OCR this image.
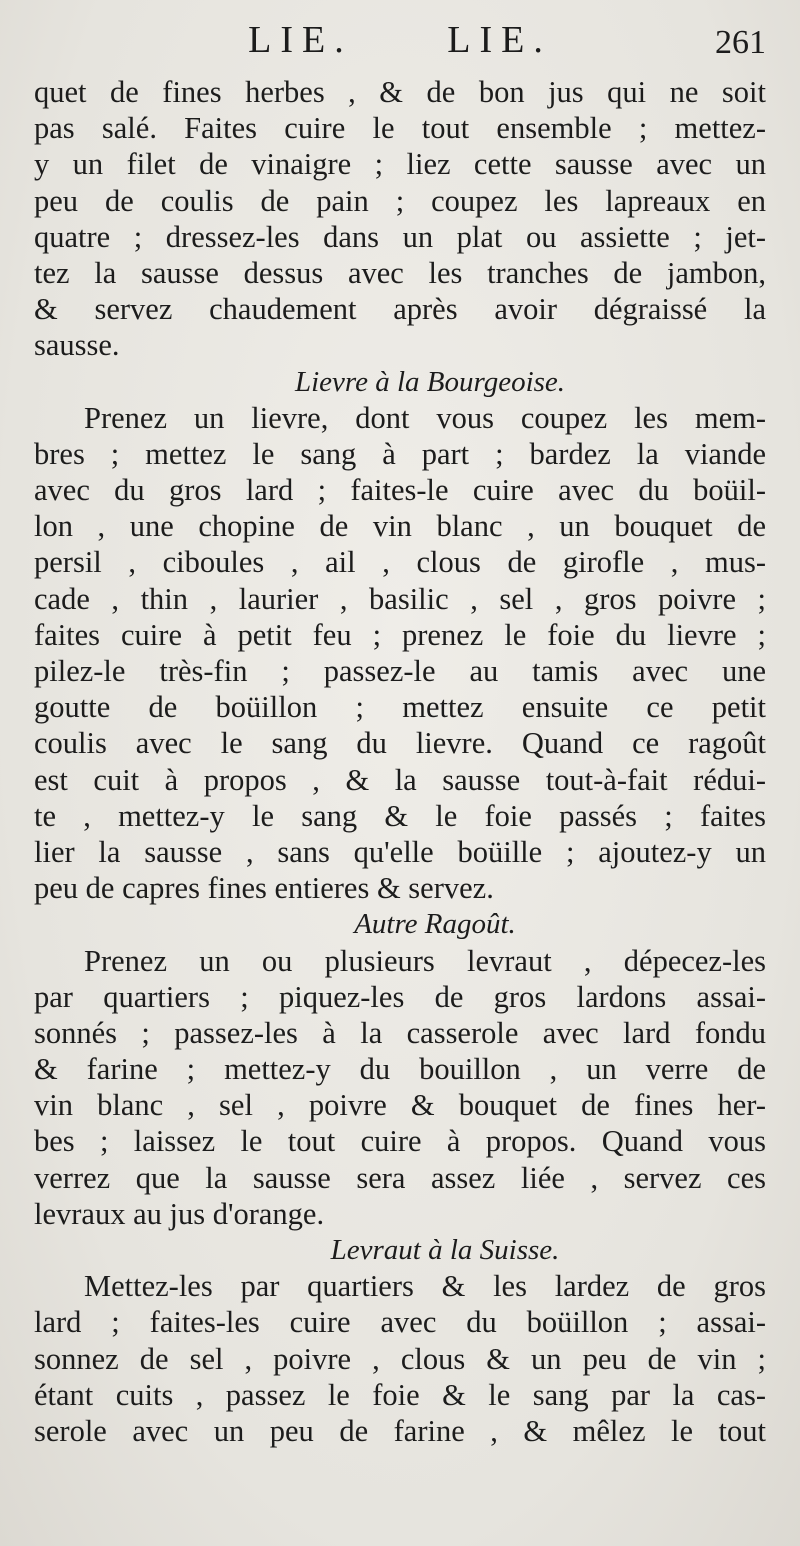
LIE. LIE.	261
quet de fines herbes , & de bon jus qui ne soit
pas salé. Faites cuire le tout ensemble ; mettez-
y un filet de vinaigre ; liez cette sausse avec un
peu de coulis de pain ; coupez les lapreaux en
quatre ; dressez-les dans un plat ou assiette ; jet-
tez la sausse dessus avec les tranches de jambon,
& servez chaudement après avoir dégraissé la
sausse.
Lievre à la Bourgeoise.
Prenez un lievre, dont vous coupez les mem-
bres ; mettez le sang à part ; bardez la viande
avec du gros lard ; faites-le cuire avec du boüil-
lon , une chopine de vin blanc , un bouquet de
persil , ciboules , ail , clous de girofle , mus-
cade , thin , laurier , basilic , sel , gros poivre ;
faites cuire à petit feu ; prenez le foie du lievre ;
pilez-le très-fin ; passez-le au tamis avec une
goutte de boüillon ; mettez ensuite ce petit
coulis avec le sang du lievre. Quand ce ragoût
est cuit à propos , & la sausse tout-à-fait rédui-
te , mettez-y le sang & le foie passés ; faites
lier la sausse , sans qu'elle boüille ; ajoutez-y un
peu de capres fines entieres & servez.
Autre Ragoût.
Prenez un ou plusieurs levraut , dépecez-les
par quartiers ; piquez-les de gros lardons assai-
sonnés ; passez-les à la casserole avec lard fondu
& farine ; mettez-y du bouillon , un verre de
vin blanc , sel , poivre & bouquet de fines her-
bes ; laissez le tout cuire à propos. Quand vous
verrez que la sausse sera assez liée , servez ces
levraux au jus d'orange.
Levraut à la Suisse.
Mettez-les par quartiers & les lardez de gros
lard ; faites-les cuire avec du boüillon ; assai-
sonnez de sel , poivre , clous & un peu de vin ;
étant cuits , passez le foie & le sang par la cas-
serole avec un peu de farine , & mêlez le tout
